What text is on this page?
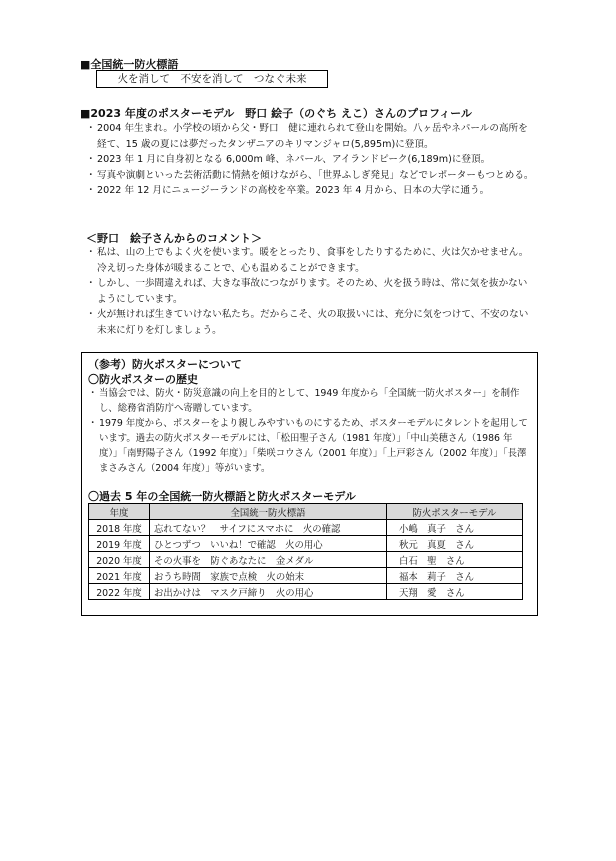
■全国統一防火標語
火を消して　不安を消して　つなぐ未来
■2023 年度のポスターモデル　野口 絵子（のぐち えこ）さんのプロフィール
・ 2004 年生まれ。小学校の頃から父・野口　健に連れられて登山を開始。八ヶ岳やネパールの高所を経て、15 歳の夏には夢だったタンザニアのキリマンジャロ(5,895m)に登頂。
・ 2023 年 1 月に自身初となる 6,000m 峰、ネパール、アイランドピーク(6,189m)に登頂。
・ 写真や演劇といった芸術活動に情熱を傾けながら、「世界ふしぎ発見」などでレポーターもつとめる。
・ 2022 年 12 月にニュージーランドの高校を卒業。2023 年 4 月から、日本の大学に通う。
＜野口　絵子さんからのコメント＞
・ 私は、山の上でもよく火を使います。暖をとったり、食事をしたりするために、火は欠かせません。冷え切った身体が暖まることで、心も温めることができます。
・ しかし、一歩間違えれば、大きな事故につながります。そのため、火を扱う時は、常に気を抜かないようにしています。
・ 火が無ければ生きていけない私たち。だからこそ、火の取扱いには、充分に気をつけて、不安のない未来に灯りを灯しましょう。
（参考）防火ポスターについて
〇防火ポスターの歴史
・ 当協会では、防火・防災意識の向上を目的として、1949 年度から「全国統一防火ポスター」を制作し、総務省消防庁へ寄贈しています。
・ 1979 年度から、ポスターをより親しみやすいものにするため、ポスターモデルにタレントを起用しています。過去の防火ポスターモデルには、「松田聖子さん（1981 年度）」「中山美穂さん（1986 年度）」「南野陽子さん（1992 年度）」「柴咲コウさん（2001 年度）」「上戸彩さん（2002 年度）」「長澤まさみさん（2004 年度）」等がいます。
〇過去 5 年の全国統一防火標語と防火ポスターモデル
年度	全国統一防火標語	防火ポスターモデル
2018 年度	忘れてない？　サイフにスマホに　火の確認	小嶋　真子　さん
2019 年度	ひとつずつ　いいね！で確認　火の用心	秋元　真夏　さん
2020 年度	その火事を　防ぐあなたに　金メダル	白石　聖　さん
2021 年度	おうち時間　家族で点検　火の始末	福本　莉子　さん
2022 年度	お出かけは　マスク戸締り　火の用心	天翔　愛　さん
